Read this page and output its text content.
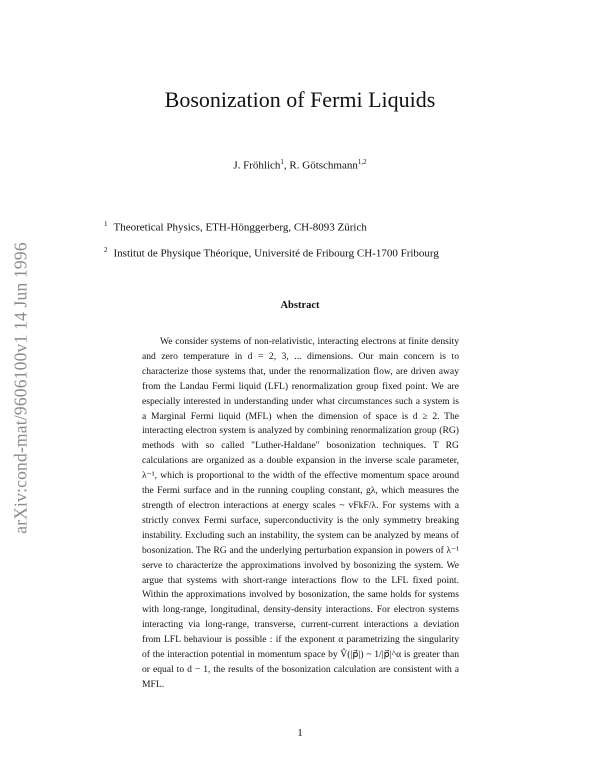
arXiv:cond-mat/9606100v1 14 Jun 1996
Bosonization of Fermi Liquids
J. Fröhlich$^1$, R. Götschmann$^{1,2}$
$^1$ Theoretical Physics, ETH-Hönggerberg, CH-8093 Zürich
$^2$ Institut de Physique Théorique, Université de Fribourg CH-1700 Fribourg
Abstract

We consider systems of non-relativistic, interacting electrons at finite density and zero temperature in d = 2, 3, ... dimensions. Our main concern is to characterize those systems that, under the renormalization flow, are driven away from the Landau Fermi liquid (LFL) renormalization group fixed point. We are especially interested in understanding under what circumstances such a system is a Marginal Fermi liquid (MFL) when the dimension of space is d ≥ 2. The interacting electron system is analyzed by combining renormalization group (RG) methods with so called "Luther-Haldane" bosonization techniques. T RG calculations are organized as a double expansion in the inverse scale parameter, λ⁻¹, which is proportional to the width of the effective momentum space around the Fermi surface and in the running coupling constant, gλ, which measures the strength of electron interactions at energy scales ~ vFkF/λ. For systems with a strictly convex Fermi surface, superconductivity is the only symmetry breaking instability. Excluding such an instability, the system can be analyzed by means of bosonization. The RG and the underlying perturbation expansion in powers of λ⁻¹ serve to characterize the approximations involved by bosonizing the system. We argue that systems with short-range interactions flow to the LFL fixed point. Within the approximations involved by bosonization, the same holds for systems with long-range, longitudinal, density-density interactions. For electron systems interacting via long-range, transverse, current-current interactions a deviation from LFL behaviour is possible : if the exponent α parametrizing the singularity of the interaction potential in momentum space by V̂(|p⃗|) ~ 1/|p⃗|^α is greater than or equal to d − 1, the results of the bosonization calculation are consistent with a MFL.

1
